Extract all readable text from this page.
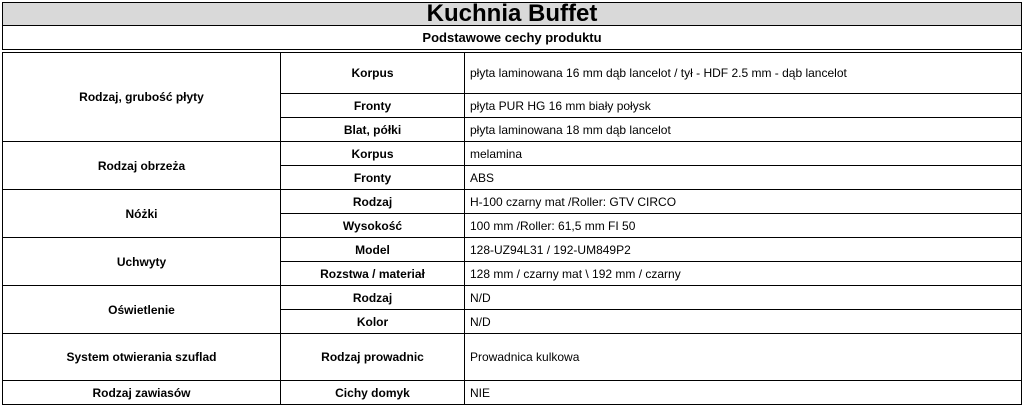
Kuchnia Buffet		
Podstawowe cechy produktu		

Rodzaj, grubość płyty	Korpus	płyta laminowana 16 mm dąb lancelot / tył - HDF 2.5 mm - dąb lancelot
	Fronty	płyta PUR HG 16 mm biały połysk
	Blat, półki	płyta laminowana 18 mm dąb lancelot
Rodzaj obrzeża	Korpus	melamina
	Fronty	ABS
Nóżki	Rodzaj	H-100 czarny mat /Roller: GTV CIRCO
	Wysokość	100 mm /Roller: 61,5 mm FI 50
Uchwyty	Model	128-UZ94L31 / 192-UM849P2
	Rozstwa / materiał	128 mm / czarny mat \ 192 mm / czarny
Oświetlenie	Rodzaj	N/D
	Kolor	N/D
System otwierania szuflad	Rodzaj prowadnic	Prowadnica kulkowa
Rodzaj zawiasów	Cichy domyk	NIE
